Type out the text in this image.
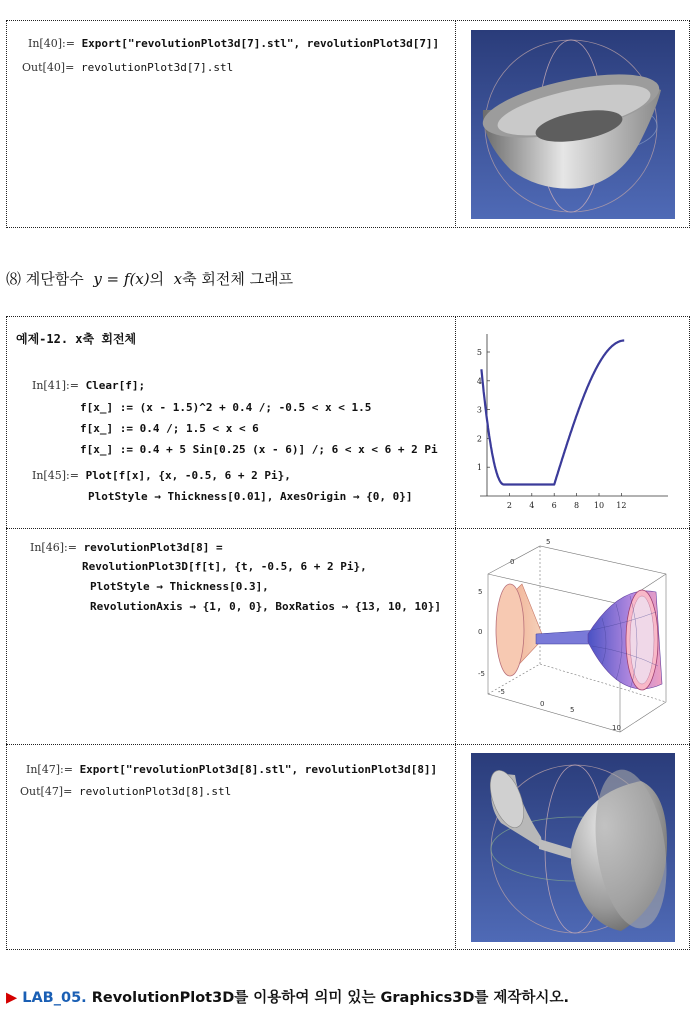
In[40]:= Export["revolutionPlot3d[7].stl", revolutionPlot3d[7]]
Out[40]= revolutionPlot3d[7].stl
⑻ 계단함수 y = f(x)의 x축 회전체 그래프
예제-12. x축 회전체
In[41]:= Clear[f];
f[x_] := (x - 1.5)^2 + 0.4 /; -0.5 < x < 1.5
f[x_] := 0.4 /; 1.5 < x < 6
f[x_] := 0.4 + 5 Sin[0.25 (x - 6)] /; 6 < x < 6 + 2 Pi
In[45]:= Plot[f[x], {x, -0.5, 6 + 2 Pi},
PlotStyle → Thickness[0.01], AxesOrigin → {0, 0}]
2 4 6 8 10 12
1
2
3
4
5
In[46]:= revolutionPlot3d[8] =
RevolutionPlot3D[f[t], {t, -0.5, 6 + 2 Pi},
PlotStyle → Thickness[0.3],
RevolutionAxis → {1, 0, 0}, BoxRatios → {13, 10, 10}]
5
0
5
0
-5
-5
0
5
10
In[47]:= Export["revolutionPlot3d[8].stl", revolutionPlot3d[8]]
Out[47]= revolutionPlot3d[8].stl
▶ LAB_05. RevolutionPlot3D를 이용하여 의미 있는 Graphics3D를 제작하시오.
